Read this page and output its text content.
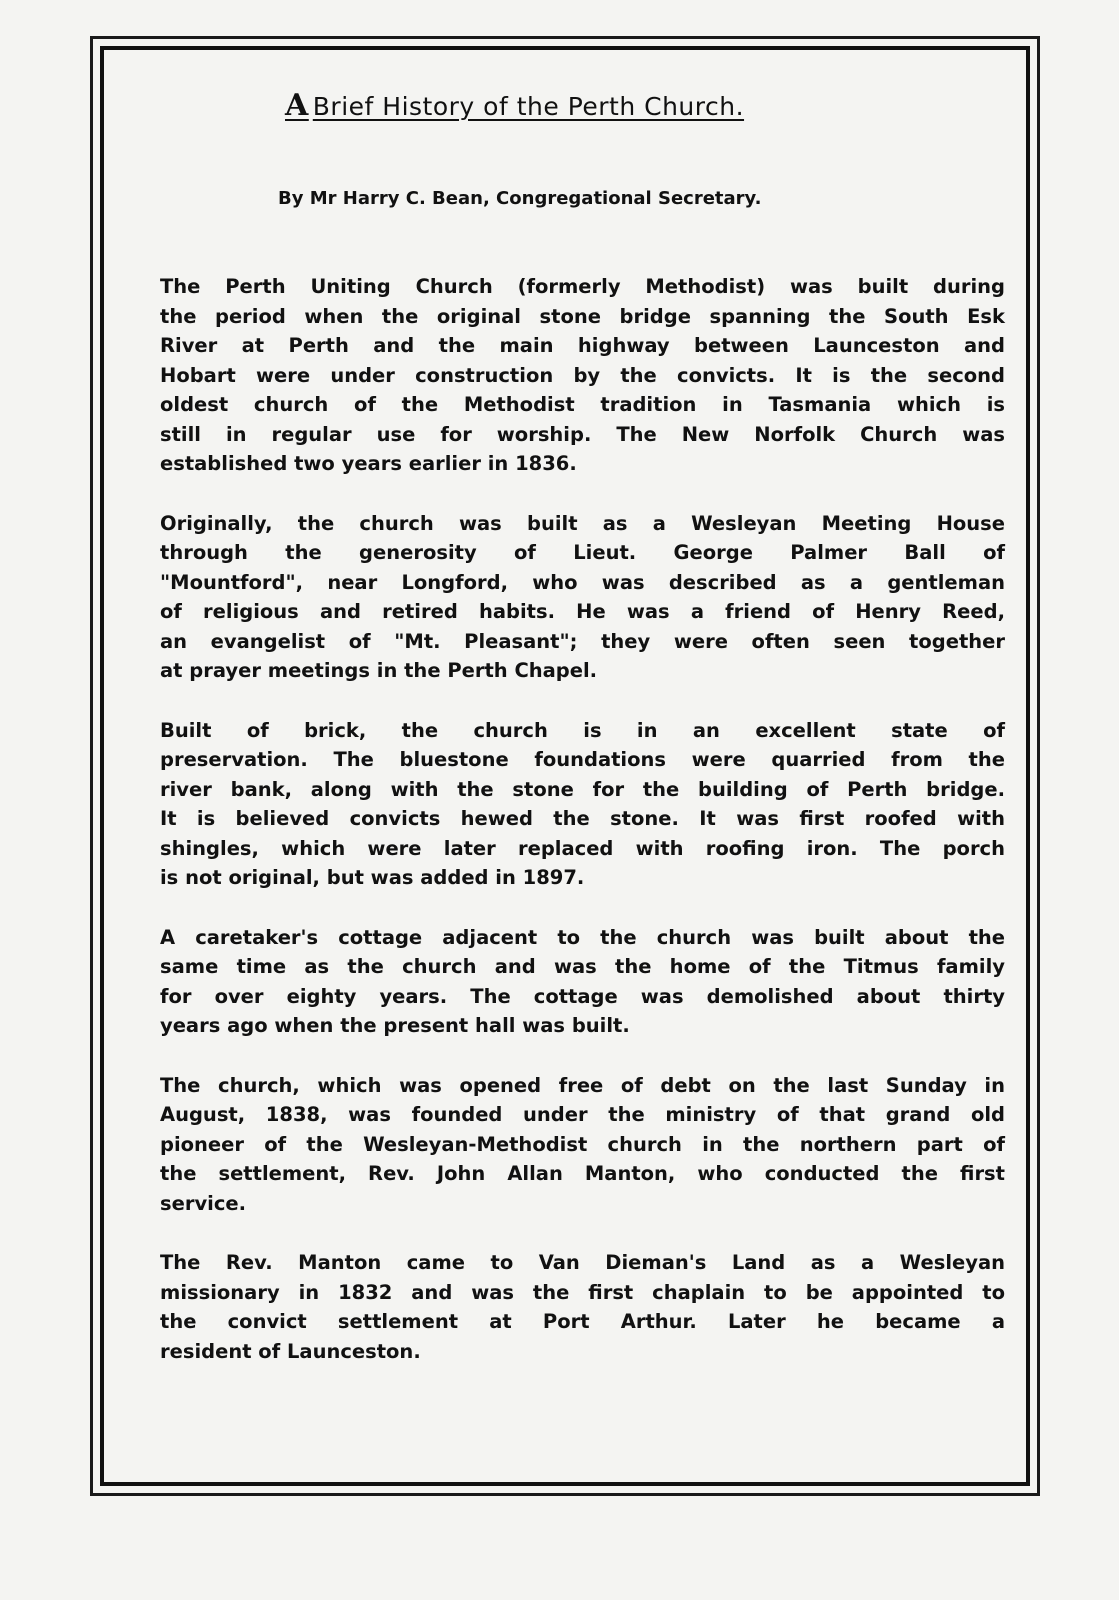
A Brief History of the Perth Church.
By Mr Harry C. Bean, Congregational Secretary.
The Perth Uniting Church (formerly Methodist) was built during
the period when the original stone bridge spanning the South Esk
River at Perth and the main highway between Launceston and
Hobart were under construction by the convicts. It is the second
oldest church of the Methodist tradition in Tasmania which is
still in regular use for worship. The New Norfolk Church was
established two years earlier in 1836.
Originally, the church was built as a Wesleyan Meeting House
through the generosity of Lieut. George Palmer Ball of
"Mountford", near Longford, who was described as a gentleman
of religious and retired habits. He was a friend of Henry Reed,
an evangelist of "Mt. Pleasant"; they were often seen together
at prayer meetings in the Perth Chapel.
Built of brick, the church is in an excellent state of
preservation. The bluestone foundations were quarried from the
river bank, along with the stone for the building of Perth bridge.
It is believed convicts hewed the stone. It was first roofed with
shingles, which were later replaced with roofing iron. The porch
is not original, but was added in 1897.
A caretaker's cottage adjacent to the church was built about the
same time as the church and was the home of the Titmus family
for over eighty years. The cottage was demolished about thirty
years ago when the present hall was built.
The church, which was opened free of debt on the last Sunday in
August, 1838, was founded under the ministry of that grand old
pioneer of the Wesleyan-Methodist church in the northern part of
the settlement, Rev. John Allan Manton, who conducted the first
service.
The Rev. Manton came to Van Dieman's Land as a Wesleyan
missionary in 1832 and was the first chaplain to be appointed to
the convict settlement at Port Arthur. Later he became a
resident of Launceston.
